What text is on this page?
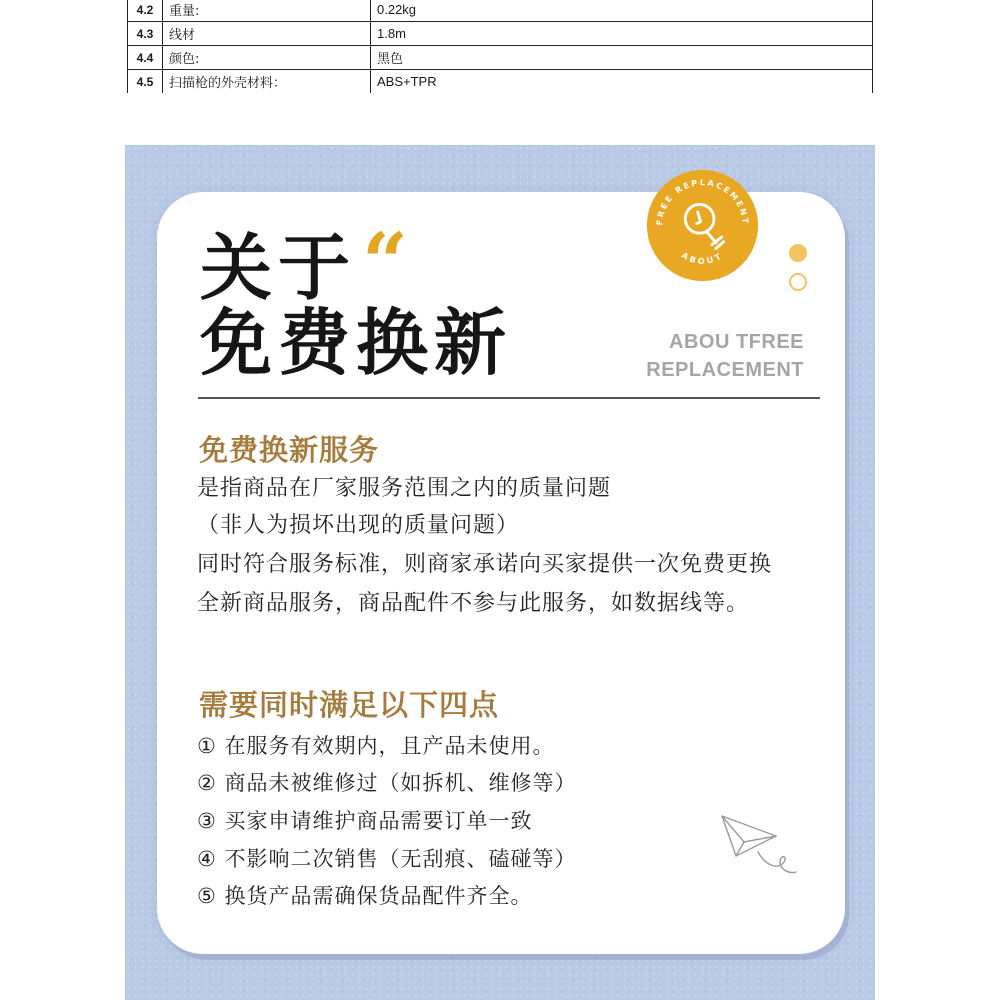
4.2	重量:	0.22kg
4.3	线材	1.8m
4.4	颜色:	黑色
4.5	扫描枪的外壳材料：	ABS+TPR
关于 “
免费换新
FREE REPLACEMENT
ABOUT
ABOU TFREE
REPLACEMENT
免费换新服务
是指商品在厂家服务范围之内的质量问题
（非人为损坏出现的质量问题）
同时符合服务标准，则商家承诺向买家提供一次免费更换
全新商品服务，商品配件不参与此服务，如数据线等。
需要同时满足以下四点
① 在服务有效期内，且产品未使用。
② 商品未被维修过（如拆机、维修等）
③ 买家申请维护商品需要订单一致
④ 不影响二次销售（无刮痕、磕碰等）
⑤ 换货产品需确保货品配件齐全。
